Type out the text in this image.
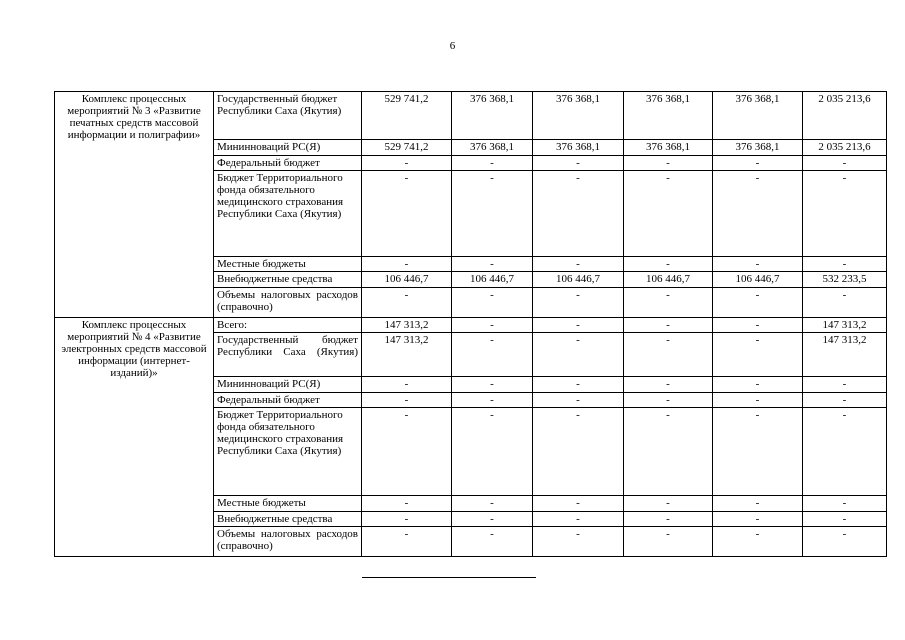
6
Комплекс процессных мероприятий № 3 «Развитие печатных средств массовой информации и полиграфии»	Государственный бюджет Республики Саха (Якутия)	529 741,2	376 368,1	376 368,1	376 368,1	376 368,1	2 035 213,6
	Мининноваций РС(Я)	529 741,2	376 368,1	376 368,1	376 368,1	376 368,1	2 035 213,6
	Федеральный бюджет	-	-	-	-	-	-
	Бюджет Территориального фонда обязательного медицинского страхования Республики Саха (Якутия)	-	-	-	-	-	-
	Местные бюджеты	-	-	-	-	-	-
	Внебюджетные средства	106 446,7	106 446,7	106 446,7	106 446,7	106 446,7	532 233,5
	Объемы налоговых расходов (справочно)	-	-	-	-	-	-
Комплекс процессных мероприятий № 4 «Развитие электронных средств массовой информации (интернет-изданий)»	Всего:	147 313,2	-	-	-	-	147 313,2
	Государственный бюджет Республики Саха (Якутия)	147 313,2	-	-	-	-	147 313,2
	Мининноваций РС(Я)	-	-	-	-	-	-
	Федеральный бюджет	-	-	-	-	-	-
	Бюджет Территориального фонда обязательного медицинского страхования Республики Саха (Якутия)	-	-	-	-	-	-
	Местные бюджеты	-	-	-	-	-	-
	Внебюджетные средства	-	-	-	-	-	-
	Объемы налоговых расходов (справочно)	-	-	-	-	-	-
